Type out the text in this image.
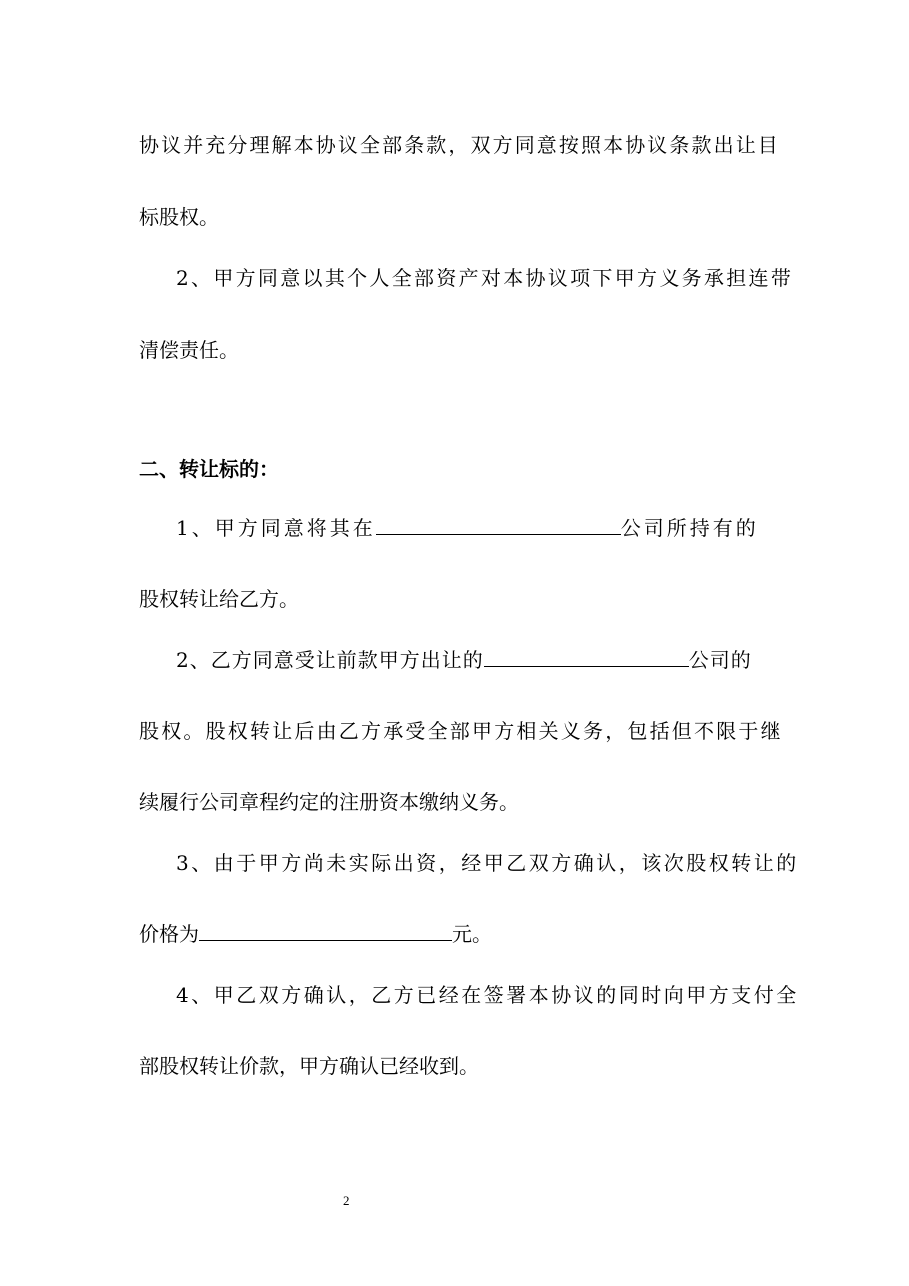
协议并充分理解本协议全部条款，双方同意按照本协议条款出让目
标股权。
2、甲方同意以其个人全部资产对本协议项下甲方义务承担连带
清偿责任。
二、转让标的：
1、甲方同意将其在	公司所持有的
股权转让给乙方。
2、乙方同意受让前款甲方出让的	公司的
股权。股权转让后由乙方承受全部甲方相关义务，包括但不限于继
续履行公司章程约定的注册资本缴纳义务。
3、由于甲方尚未实际出资，经甲乙双方确认，该次股权转让的
价格为	元。
4、甲乙双方确认，乙方已经在签署本协议的同时向甲方支付全
部股权转让价款，甲方确认已经收到。
2
